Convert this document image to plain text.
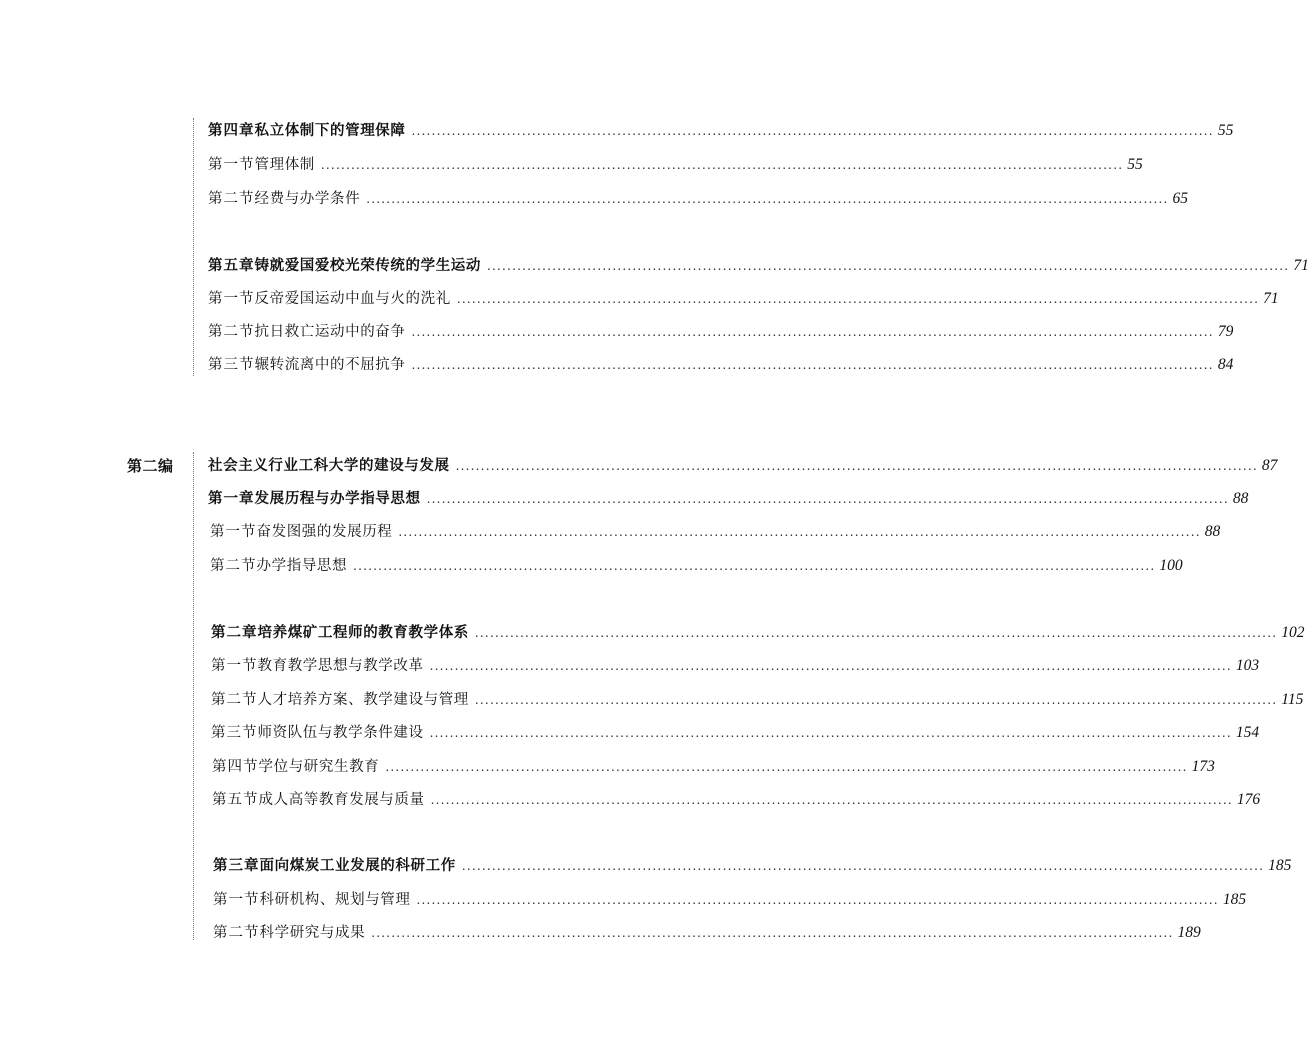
第二编
第四章 私立体制下的管理保障 ................................................................................................................................................................ 55
第一节 管理体制 ................................................................................................................................................................ 55
第二节 经费与办学条件 ................................................................................................................................................................ 65
第五章 铸就爱国爱校光荣传统的学生运动 ................................................................................................................................................................ 71
第一节 反帝爱国运动中血与火的洗礼 ................................................................................................................................................................ 71
第二节 抗日救亡运动中的奋争 ................................................................................................................................................................ 79
第三节 辗转流离中的不屈抗争 ................................................................................................................................................................ 84
社会主义行业工科大学的建设与发展 ................................................................................................................................................................ 87
第一章 发展历程与办学指导思想 ................................................................................................................................................................ 88
第一节 奋发图强的发展历程 ................................................................................................................................................................ 88
第二节 办学指导思想 ................................................................................................................................................................ 100
第二章 培养煤矿工程师的教育教学体系 ................................................................................................................................................................ 102
第一节 教育教学思想与教学改革 ................................................................................................................................................................ 103
第二节 人才培养方案、教学建设与管理 ................................................................................................................................................................ 115
第三节 师资队伍与教学条件建设 ................................................................................................................................................................ 154
第四节 学位与研究生教育 ................................................................................................................................................................ 173
第五节 成人高等教育发展与质量 ................................................................................................................................................................ 176
第三章 面向煤炭工业发展的科研工作 ................................................................................................................................................................ 185
第一节 科研机构、规划与管理 ................................................................................................................................................................ 185
第二节 科学研究与成果 ................................................................................................................................................................ 189
